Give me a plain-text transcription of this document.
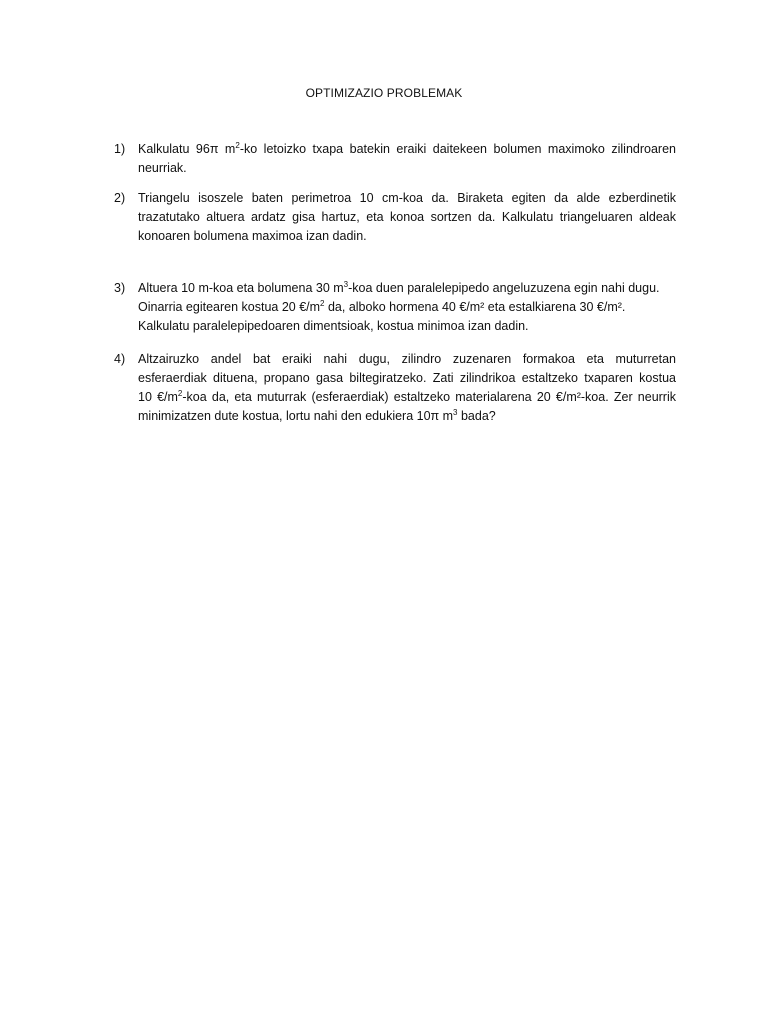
OPTIMIZAZIO PROBLEMAK
1) Kalkulatu 96π $m^2-ko$ letoizko txapa batekin eraiki daitekeen bolumen maximoko zilindroaren
neurriak.
2) Triangelu isoszele baten perimetroa 10 cm-koa da. Biraketa egiten da alde ezberdinetik
trazatutako altuera ardatz gisa hartuz, eta konoa sortzen da. Kalkulatu triangeluaren aldeak
konoaren bolumena maximoa izan dadin.
3) Altuera 10 m-koa eta bolumena 30 $m^3$-koa duen paralelepipedo angeluzuzena egin nahi dugu.
Oinarria egitearen kostua 20 $€/m^2$ da, alboko hormena 40 €/m² eta estalkiarena 30 €/m².
Kalkulatu paralelepipedoaren dimentsioak, kostua minimoa izan dadin.
4) Altzairuzko andel bat eraiki nahi dugu, zilindro zuzenaren formakoa eta muturretan
esferaerdiak dituena, propano gasa biltegiratzeko. Zati zilindrikoa estaltzeko txaparen kostua
10 $€/m^2$-koa da, eta muturrak (esferaerdiak) estaltzeko materialarena 20 €/m²-koa. Zer neurrik
minimizatzen dute kostua, lortu nahi den edukiera 10π $m^3$ bada?
